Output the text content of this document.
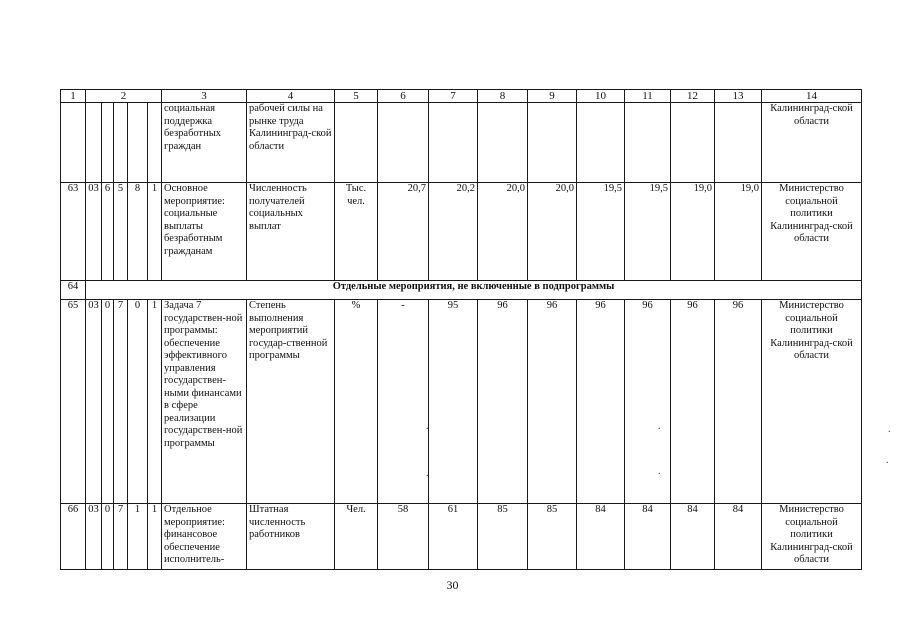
1	2					3	4	5	6	7	8	9	10	11	12	13	14
						социальная поддержка безработных граждан	рабочей силы на рынке труда Калининград-ской области										Калининград-ской области
63	03	6	5	8	1	Основное мероприятие: социальные выплаты безработным гражданам	Численность получателей социальных выплат	Тыс. чел.	20,7	20,2	20,0	20,0	19,5	19,5	19,0	19,0	Министерство социальной политики Калининград-ской области
64	Отдельные мероприятия, не включенные в подпрограммы																
65	03	0	7	0	1	Задача 7 государствен-ной программы: обеспечение эффективного управления государствен-ными финансами в сфере реализации государствен-ной программы	Степень выполнения мероприятий государ-ственной программы	%	-	95	96	96	96	96	96	96	Министерство социальной политики Калининград-ской области
66	03	0	7	1	1	Отдельное мероприятие: финансовое обеспечение исполнитель-	Штатная численность работников	Чел.	58	61	85	85	84	84	84	84	Министерство социальной политики Калининград-ской области
.
.
.
.
.
.
30
